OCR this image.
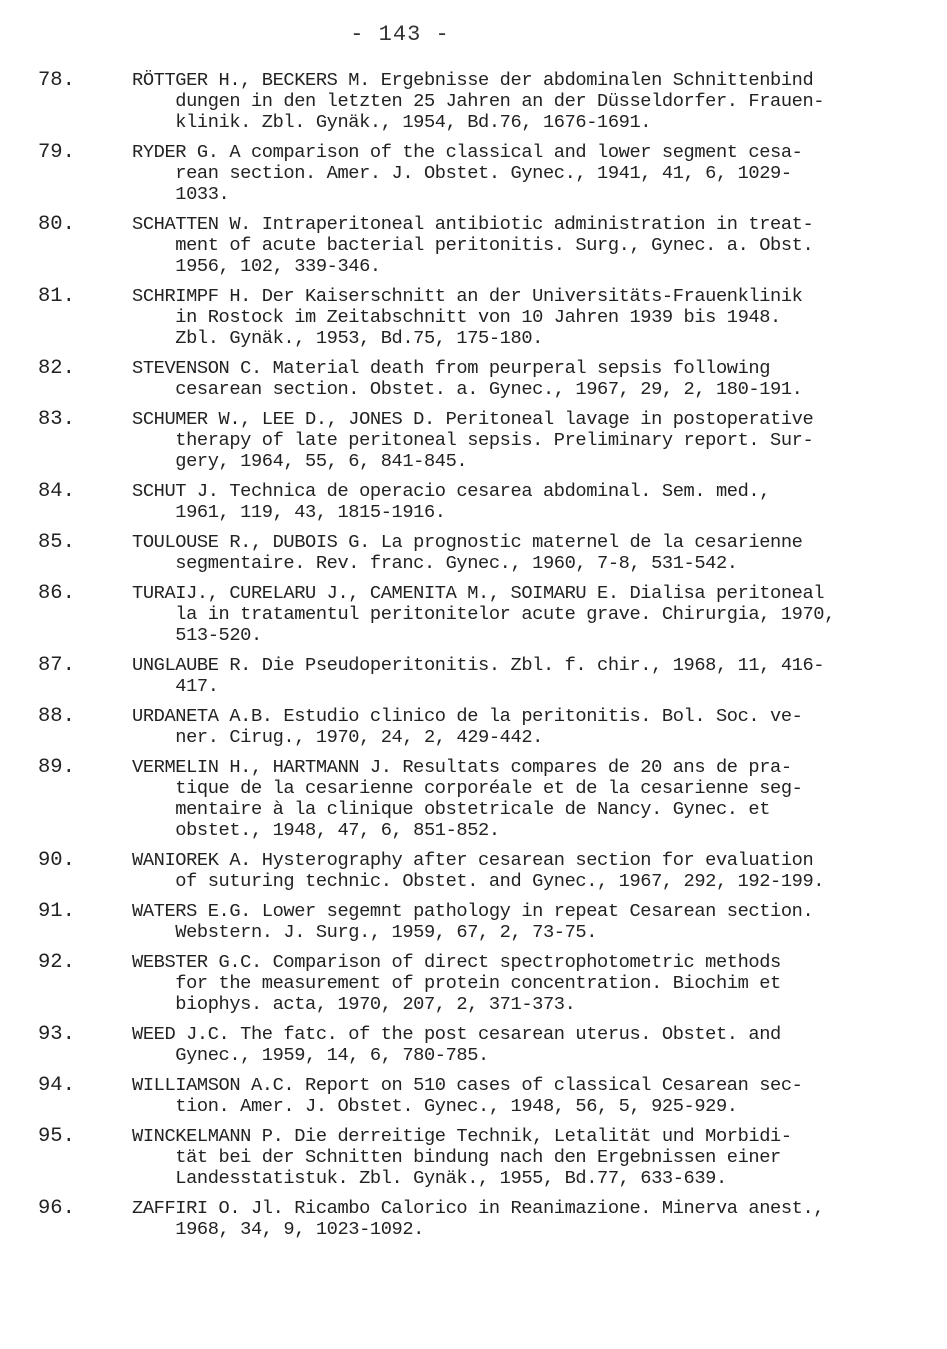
- 143 -
78.	RÖTTGER H., BECKERS M. Ergebnisse der abdominalen Schnittenbind
dungen in den letzten 25 Jahren an der Düsseldorfer. Frauen-
klinik. Zbl. Gynäk., 1954, Bd.76, 1676-1691.
79.	RYDER G. A comparison of the classical and lower segment cesa-
rean section. Amer. J. Obstet. Gynec., 1941, 41, 6, 1029-
1033.
80.	SCHATTEN W. Intraperitoneal antibiotic administration in treat-
ment of acute bacterial peritonitis. Surg., Gynec. a. Obst.
1956, 102, 339-346.
81.	SCHRIMPF H. Der Kaiserschnitt an der Universitäts-Frauenklinik
in Rostock im Zeitabschnitt von 10 Jahren 1939 bis 1948.
Zbl. Gynäk., 1953, Bd.75, 175-180.
82.	STEVENSON C. Material death from peurperal sepsis following
cesarean section. Obstet. a. Gynec., 1967, 29, 2, 180-191.
83.	SCHUMER W., LEE D., JONES D. Peritoneal lavage in postoperative
therapy of late peritoneal sepsis. Preliminary report. Sur-
gery, 1964, 55, 6, 841-845.
84.	SCHUT J. Technica de operacio cesarea abdominal. Sem. med.,
1961, 119, 43, 1815-1916.
85.	TOULOUSE R., DUBOIS G. La prognostic maternel de la cesarienne
segmentaire. Rev. franc. Gynec., 1960, 7-8, 531-542.
86.	TURAIJ., CURELARU J., CAMENITA M., SOIMARU E. Dialisa peritoneal
la in tratamentul peritonitelor acute grave. Chirurgia, 1970,
513-520.
87.	UNGLAUBE R. Die Pseudoperitonitis. Zbl. f. chir., 1968, 11, 416-
417.
88.	URDANETA A.B. Estudio clinico de la peritonitis. Bol. Soc. ve-
ner. Cirug., 1970, 24, 2, 429-442.
89.	VERMELIN H., HARTMANN J. Resultats compares de 20 ans de pra-
tique de la cesarienne corporéale et de la cesarienne seg-
mentaire à la clinique obstetricale de Nancy. Gynec. et
obstet., 1948, 47, 6, 851-852.
90.	WANIOREK A. Hysterography after cesarean section for evaluation
of suturing technic. Obstet. and Gynec., 1967, 292, 192-199.
91.	WATERS E.G. Lower segemnt pathology in repeat Cesarean section.
Webstern. J. Surg., 1959, 67, 2, 73-75.
92.	WEBSTER G.C. Comparison of direct spectrophotometric methods
for the measurement of protein concentration. Biochim et
biophys. acta, 1970, 207, 2, 371-373.
93.	WEED J.C. The fatc. of the post cesarean uterus. Obstet. and
Gynec., 1959, 14, 6, 780-785.
94.	WILLIAMSON A.C. Report on 510 cases of classical Cesarean sec-
tion. Amer. J. Obstet. Gynec., 1948, 56, 5, 925-929.
95.	WINCKELMANN P. Die derreitige Technik, Letalität und Morbidi-
tät bei der Schnitten bindung nach den Ergebnissen einer
Landesstatistuk. Zbl. Gynäk., 1955, Bd.77, 633-639.
96.	ZAFFIRI O. Jl. Ricambo Calorico in Reanimazione. Minerva anest.,
1968, 34, 9, 1023-1092.
